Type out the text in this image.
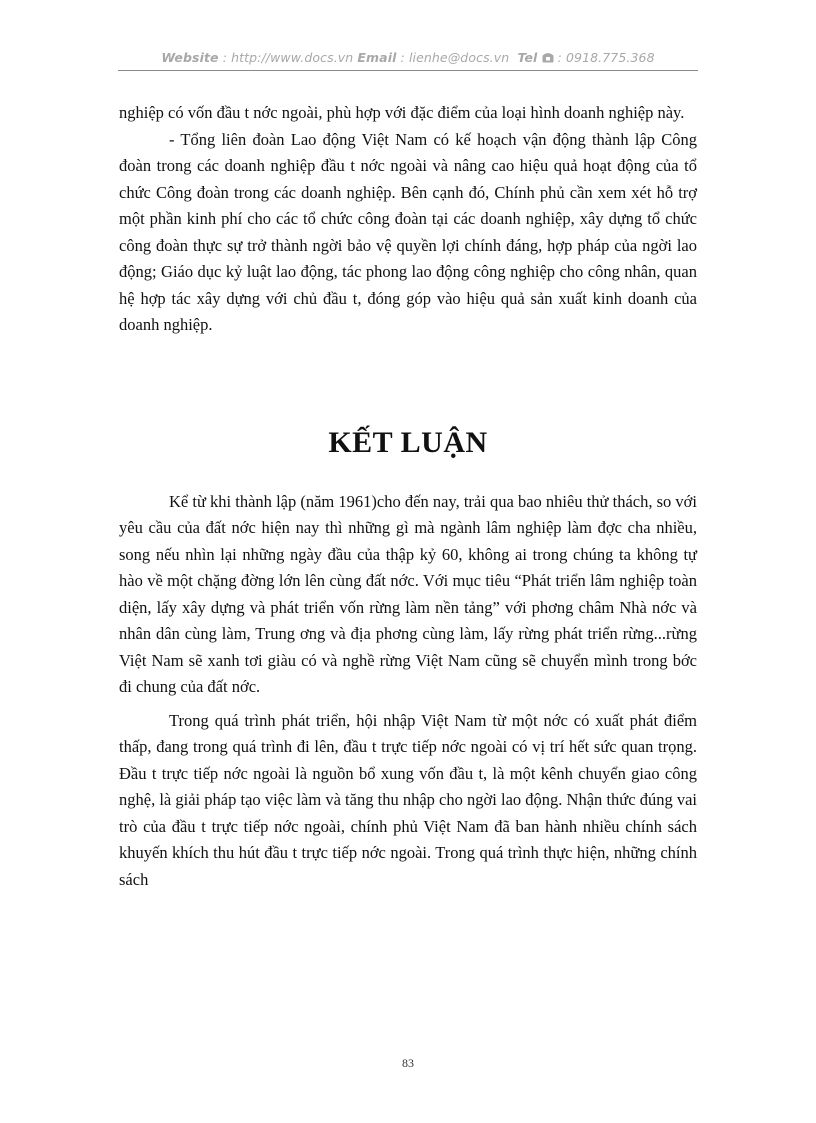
Website : http://www.docs.vn Email : lienhe@docs.vn Tel  : 0918.775.368

nghiệp có vốn đầu t nớc ngoài, phù hợp với đặc điểm của loại hình doanh nghiệp này.

- Tổng liên đoàn Lao động Việt Nam có kế hoạch vận động thành lập Công đoàn trong các doanh nghiệp đầu t nớc ngoài và nâng cao hiệu quả hoạt động của tổ chức Công đoàn trong các doanh nghiệp. Bên cạnh đó, Chính phủ cần xem xét hỗ trợ một phần kinh phí cho các tổ chức công đoàn tại các doanh nghiệp, xây dựng tổ chức công đoàn thực sự trở thành ngời bảo vệ quyền lợi chính đáng, hợp pháp của ngời lao động; Giáo dục kỷ luật lao động, tác phong lao động công nghiệp cho công nhân, quan hệ hợp tác xây dựng với chủ đầu t, đóng góp vào hiệu quả sản xuất kinh doanh của doanh nghiệp.

KẾT LUẬN

Kể từ khi thành lập (năm 1961)cho đến nay, trải qua bao nhiêu thử thách, so với yêu cầu của đất nớc hiện nay thì những gì mà ngành lâm nghiệp làm đợc cha nhiều, song nếu nhìn lại những ngày đầu của thập kỷ 60, không ai trong chúng ta không tự hào về một chặng đờng lớn lên cùng đất nớc. Với mục tiêu “Phát triển lâm nghiệp toàn diện, lấy xây dựng và phát triển vốn rừng làm nền tảng” với phơng châm Nhà nớc và nhân dân cùng làm, Trung ơng và địa phơng cùng làm, lấy rừng phát triển rừng...rừng Việt Nam sẽ xanh tơi giàu có và nghề rừng Việt Nam cũng sẽ chuyển mình trong bớc đi chung của đất nớc.

Trong quá trình phát triển, hội nhập Việt Nam từ một nớc có xuất phát điểm thấp, đang trong quá trình đi lên, đầu t trực tiếp nớc ngoài có vị trí hết sức quan trọng. Đầu t trực tiếp nớc ngoài là nguồn bổ xung vốn đầu t, là một kênh chuyển giao công nghệ, là giải pháp tạo việc làm và tăng thu nhập cho ngời lao động. Nhận thức đúng vai trò của đầu t trực tiếp nớc ngoài, chính phủ Việt Nam đã ban hành nhiều chính sách khuyến khích thu hút đầu t trực tiếp nớc ngoài. Trong quá trình thực hiện, những chính sách

83
